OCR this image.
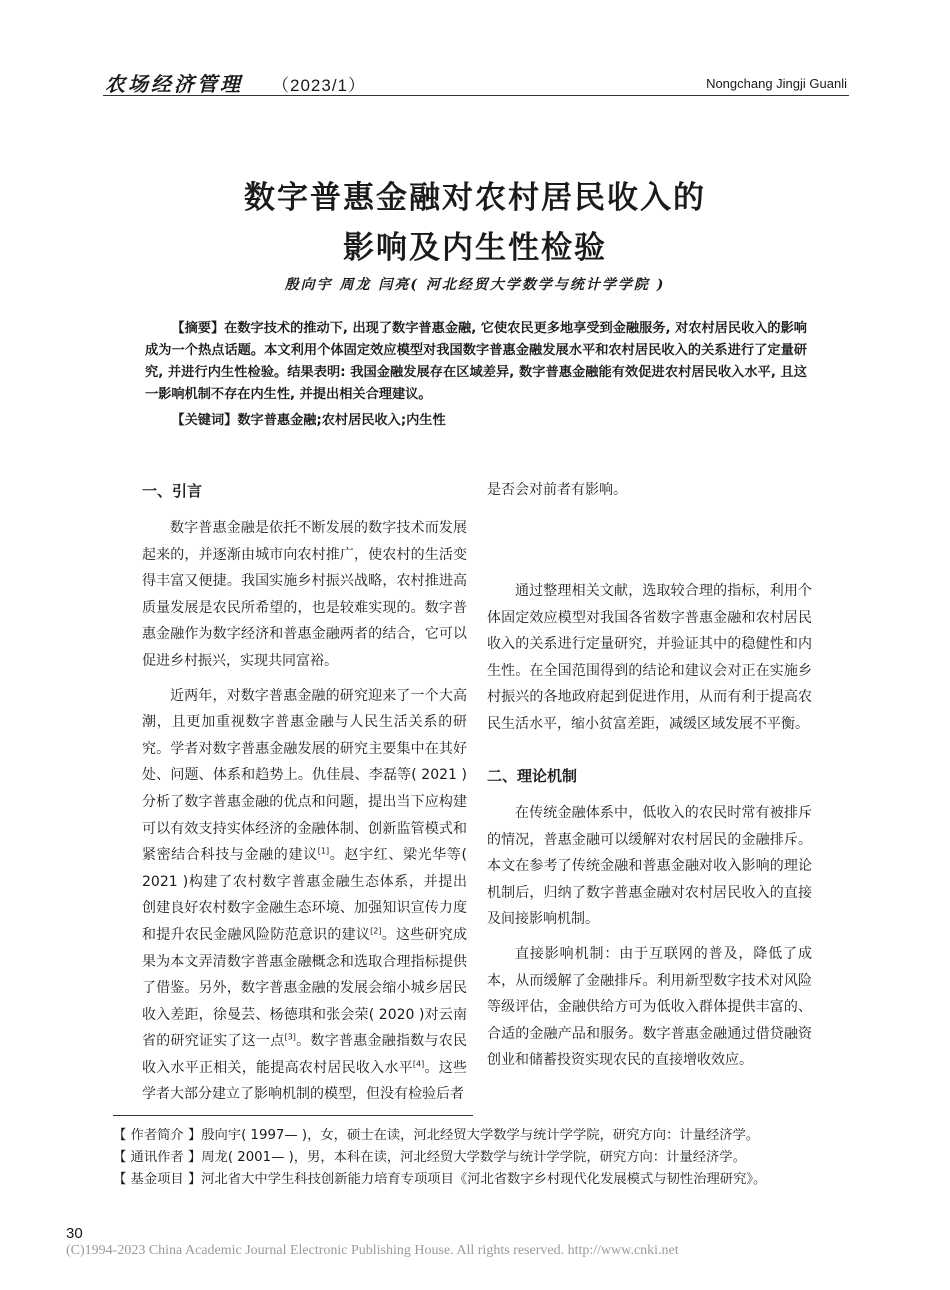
农场经济管理 （2023/1）	Nongchang Jingji Guanli
数字普惠金融对农村居民收入的
影响及内生性检验
殷向宇 周龙 闫亮( 河北经贸大学数学与统计学学院 )
【摘要】在数字技术的推动下, 出现了数字普惠金融, 它使农民更多地享受到金融服务, 对农村居民收入的影响成为一个热点话题。本文利用个体固定效应模型对我国数字普惠金融发展水平和农村居民收入的关系进行了定量研究, 并进行内生性检验。结果表明: 我国金融发展存在区域差异, 数字普惠金融能有效促进农村居民收入水平, 且这一影响机制不存在内生性, 并提出相关合理建议。
【关键词】数字普惠金融;农村居民收入;内生性
一、引言

数字普惠金融是依托不断发展的数字技术而发展起来的，并逐渐由城市向农村推广，使农村的生活变得丰富又便捷。我国实施乡村振兴战略，农村推进高质量发展是农民所希望的，也是较难实现的。数字普惠金融作为数字经济和普惠金融两者的结合，它可以促进乡村振兴，实现共同富裕。

近两年，对数字普惠金融的研究迎来了一个大高潮，且更加重视数字普惠金融与人民生活关系的研究。学者对数字普惠金融发展的研究主要集中在其好处、问题、体系和趋势上。仇佳晨、李磊等( 2021 )分析了数字普惠金融的优点和问题，提出当下应构建可以有效支持实体经济的金融体制、创新监管模式和紧密结合科技与金融的建议[1]。赵宇红、梁光华等( 2021 )构建了农村数字普惠金融生态体系，并提出创建良好农村数字金融生态环境、加强知识宣传力度和提升农民金融风险防范意识的建议[2]。这些研究成果为本文弄清数字普惠金融概念和选取合理指标提供了借鉴。另外，数字普惠金融的发展会缩小城乡居民收入差距，徐曼芸、杨德琪和张会荣( 2020 )对云南省的研究证实了这一点[3]。数字普惠金融指数与农民收入水平正相关，能提高农村居民收入水平[4]。这些学者大部分建立了影响机制的模型，但没有检验后者

二、理论机制

在传统金融体系中，低收入的农民时常有被排斥的情况，普惠金融可以缓解对农村居民的金融排斥。本文在参考了传统金融和普惠金融对收入影响的理论机制后，归纳了数字普惠金融对农村居民收入的直接及间接影响机制。

直接影响机制：由于互联网的普及，降低了成本，从而缓解了金融排斥。利用新型数字技术对风险等级评估，金融供给方可为低收入群体提供丰富的、合适的金融产品和服务。数字普惠金融通过借贷融资创业和储蓄投资实现农民的直接增收效应。

通过整理相关文献，选取较合理的指标，利用个体固定效应模型对我国各省数字普惠金融和农村居民收入的关系进行定量研究，并验证其中的稳健性和内生性。在全国范围得到的结论和建议会对正在实施乡村振兴的各地政府起到促进作用，从而有利于提高农民生活水平，缩小贫富差距，减缓区域发展不平衡。

【 作者简介 】殷向宇( 1997— )，女，硕士在读，河北经贸大学数学与统计学学院，研究方向：计量经济学。
【 通讯作者 】周龙( 2001— )，男，本科在读，河北经贸大学数学与统计学学院，研究方向：计量经济学。
【 基金项目 】河北省大中学生科技创新能力培育专项项目《河北省数字乡村现代化发展模式与韧性治理研究》。
30
(C)1994-2023 China Academic Journal Electronic Publishing House. All rights reserved. http://www.cnki.net

是否会对前者有影响。
